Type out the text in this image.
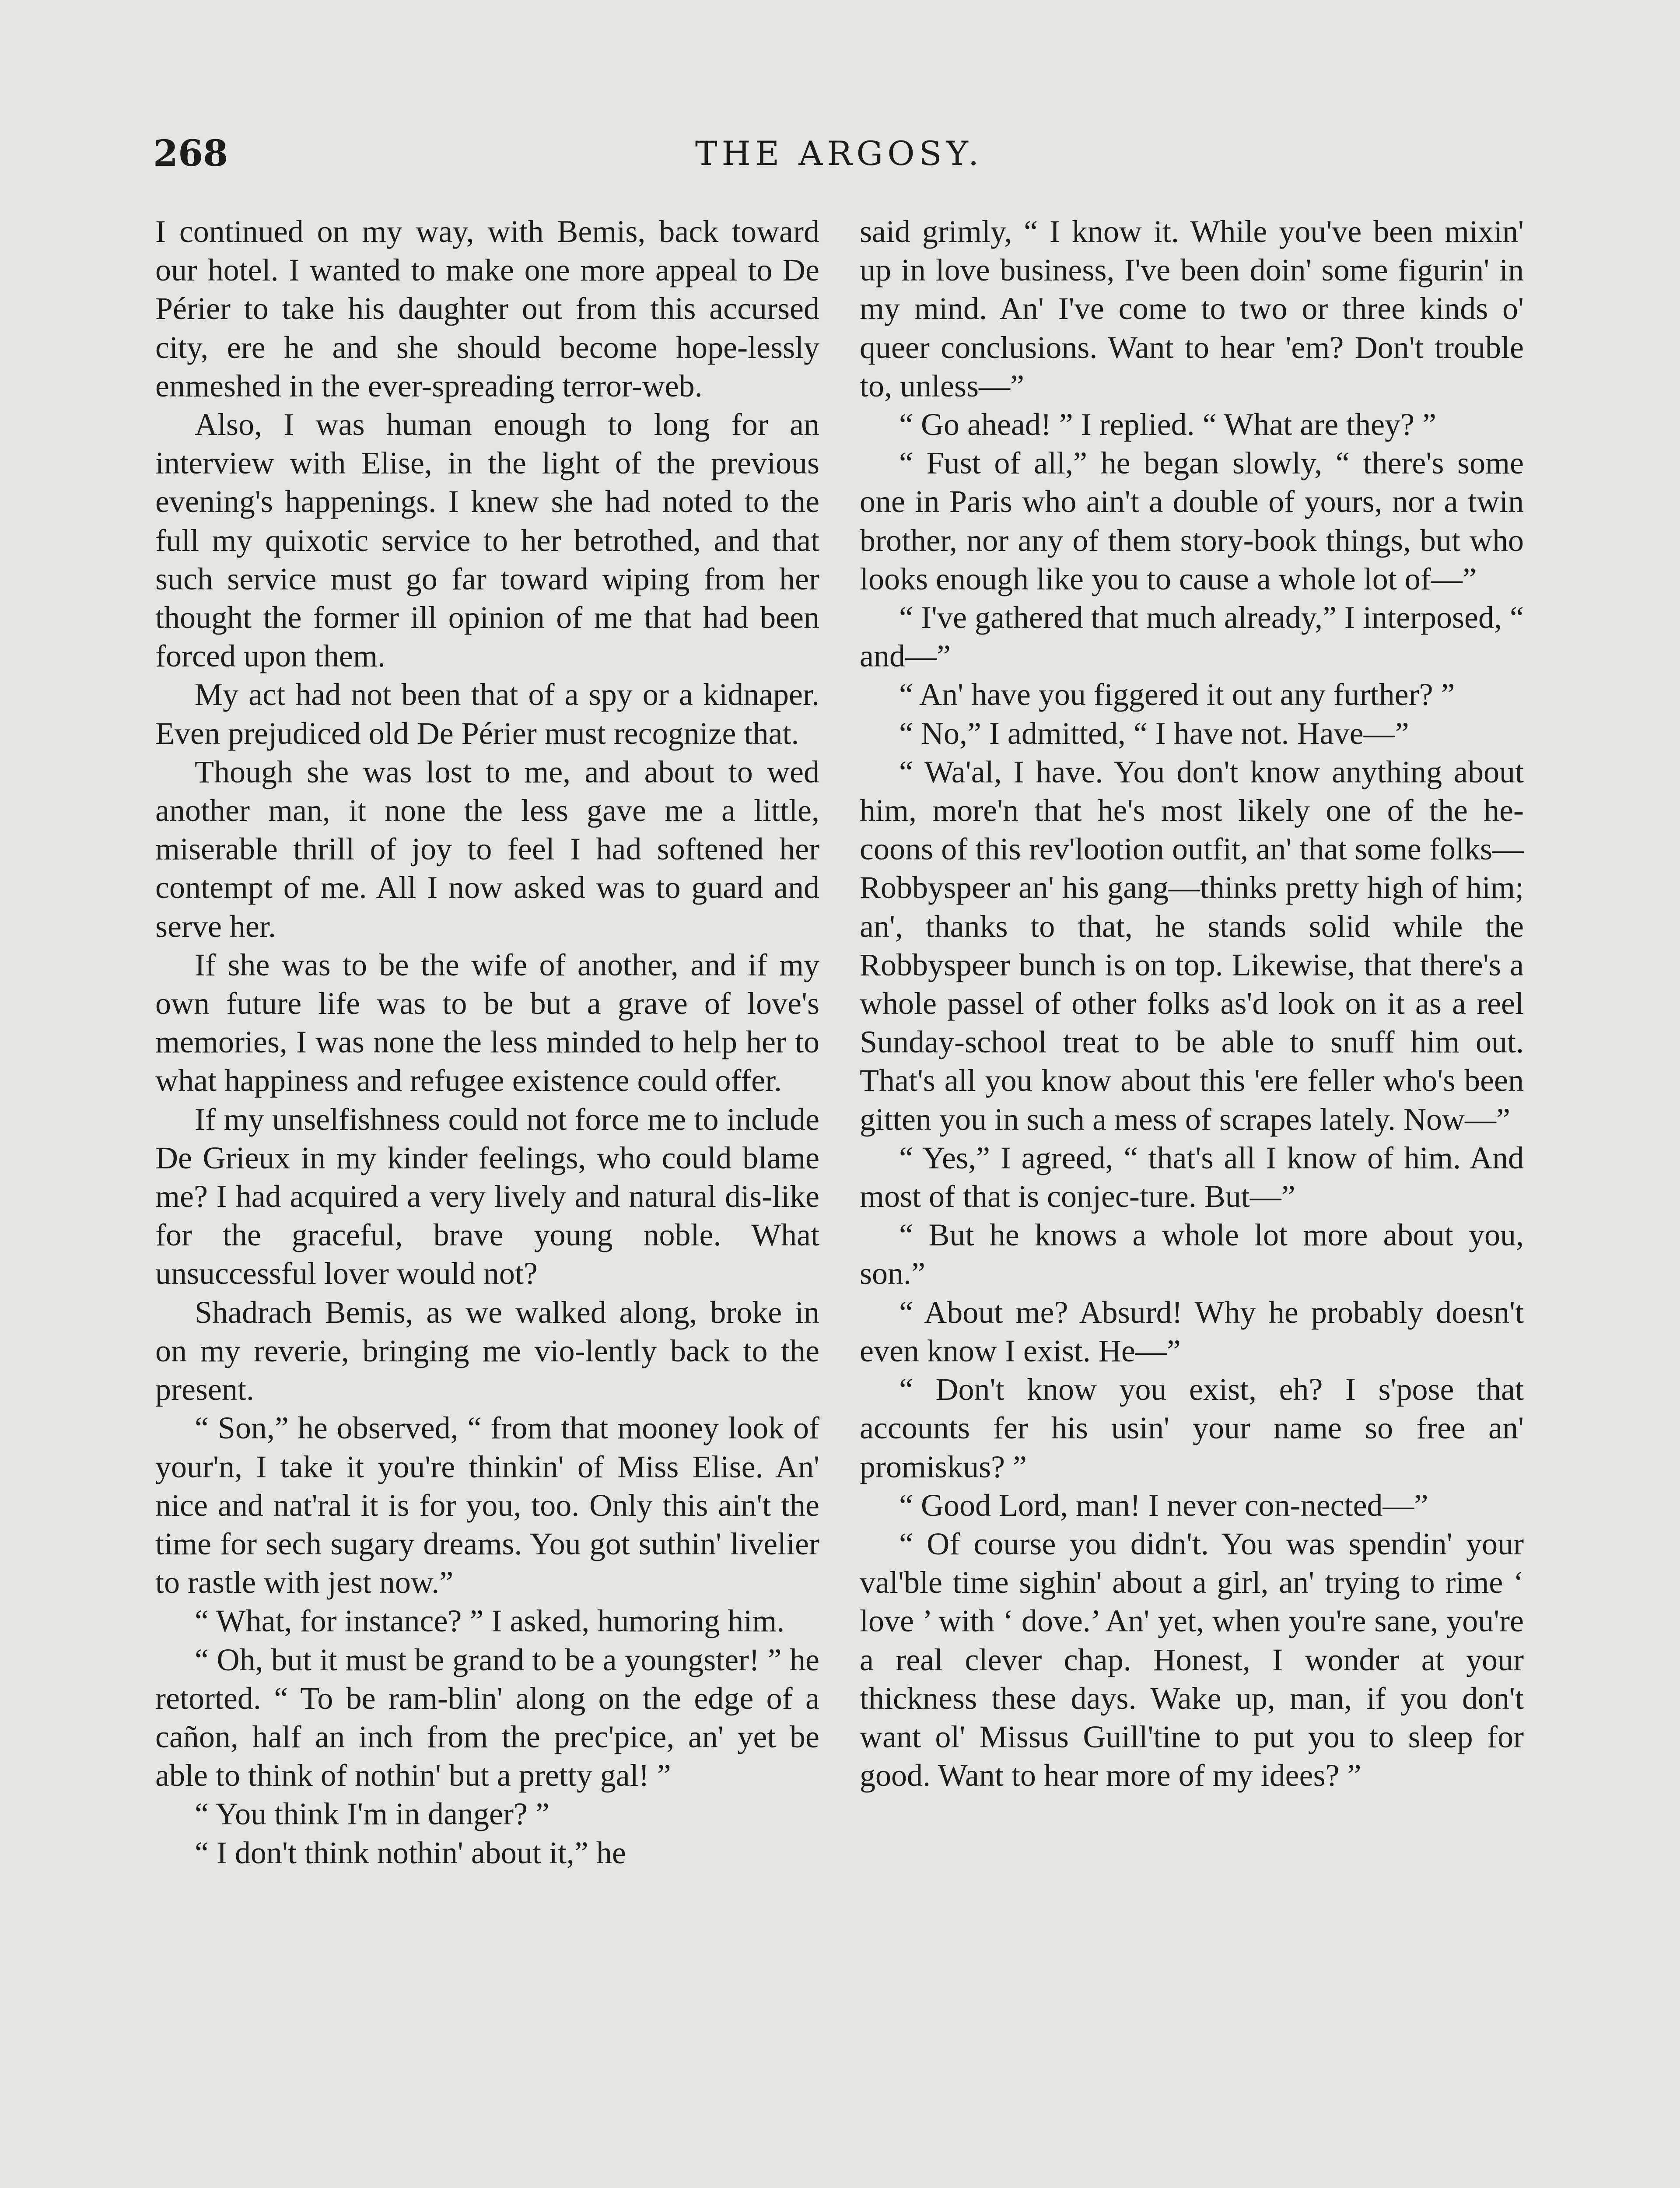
268	THE ARGOSY.

I continued on my way, with Bemis, back toward our hotel. I wanted to make one more appeal to De Périer to take his daughter out from this accursed city, ere he and she should become hope-lessly enmeshed in the ever-spreading terror-web.

Also, I was human enough to long for an interview with Elise, in the light of the previous evening's happenings. I knew she had noted to the full my quixotic service to her betrothed, and that such service must go far toward wiping from her thought the former ill opinion of me that had been forced upon them.

My act had not been that of a spy or a kidnaper. Even prejudiced old De Périer must recognize that.

Though she was lost to me, and about to wed another man, it none the less gave me a little, miserable thrill of joy to feel I had softened her contempt of me. All I now asked was to guard and serve her.

If she was to be the wife of another, and if my own future life was to be but a grave of love's memories, I was none the less minded to help her to what happiness and refugee existence could offer.

If my unselfishness could not force me to include De Grieux in my kinder feelings, who could blame me? I had acquired a very lively and natural dis-like for the graceful, brave young noble. What unsuccessful lover would not?

Shadrach Bemis, as we walked along, broke in on my reverie, bringing me vio-lently back to the present.

“ Son,” he observed, “ from that mooney look of your'n, I take it you're thinkin' of Miss Elise. An' nice and nat'ral it is for you, too. Only this ain't the time for sech sugary dreams. You got suthin' livelier to rastle with jest now.”

“ What, for instance? ” I asked, humoring him.

“ Oh, but it must be grand to be a youngster! ” he retorted. “ To be ram-blin' along on the edge of a cañon, half an inch from the prec'pice, an' yet be able to think of nothin' but a pretty gal! ”

“ You think I'm in danger? ”

“ I don't think nothin' about it,” he

said grimly, “ I know it. While you've been mixin' up in love business, I've been doin' some figurin' in my mind. An' I've come to two or three kinds o' queer conclusions. Want to hear 'em? Don't trouble to, unless—”

“ Go ahead! ” I replied. “ What are they? ”

“ Fust of all,” he began slowly, “ there's some one in Paris who ain't a double of yours, nor a twin brother, nor any of them story-book things, but who looks enough like you to cause a whole lot of—”

“ I've gathered that much already,” I interposed, “ and—”

“ An' have you figgered it out any further? ”

“ No,” I admitted, “ I have not. Have—”

“ Wa'al, I have. You don't know anything about him, more'n that he's most likely one of the he-coons of this rev'lootion outfit, an' that some folks— Robbyspeer an' his gang—thinks pretty high of him; an', thanks to that, he stands solid while the Robbyspeer bunch is on top. Likewise, that there's a whole passel of other folks as'd look on it as a reel Sunday-school treat to be able to snuff him out. That's all you know about this 'ere feller who's been gitten you in such a mess of scrapes lately. Now—”

“ Yes,” I agreed, “ that's all I know of him. And most of that is conjec-ture. But—”

“ But he knows a whole lot more about you, son.”

“ About me? Absurd! Why he probably doesn't even know I exist. He—”

“ Don't know you exist, eh? I s'pose that accounts fer his usin' your name so free an' promiskus? ”

“ Good Lord, man! I never con-nected—”

“ Of course you didn't. You was spendin' your val'ble time sighin' about a girl, an' trying to rime ‘ love ’ with ‘ dove.’ An' yet, when you're sane, you're a real clever chap. Honest, I wonder at your thickness these days. Wake up, man, if you don't want ol' Missus Guill'tine to put you to sleep for good. Want to hear more of my idees? ”
